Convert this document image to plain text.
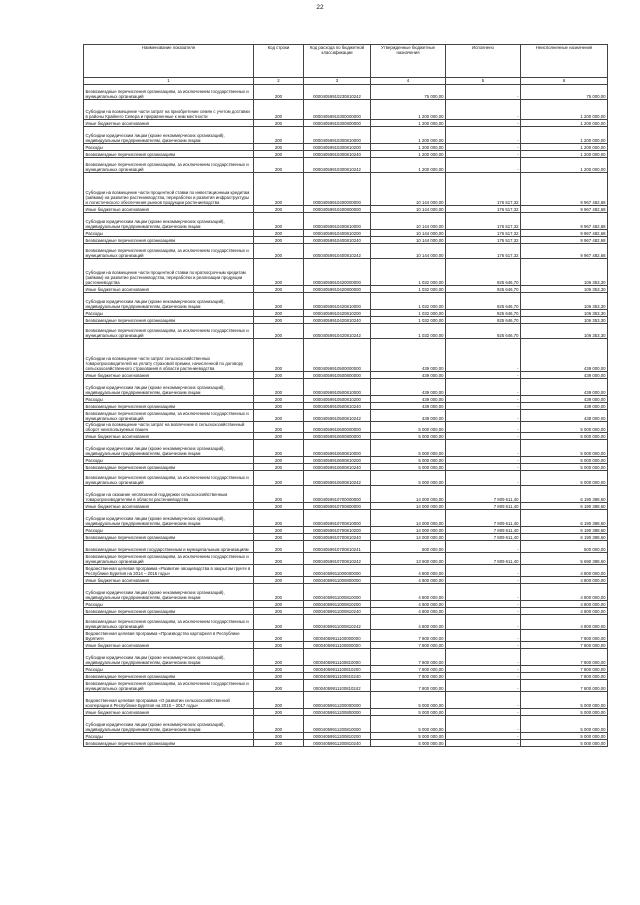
22
Наименование показателя	Код строки	Код расхода по бюджетной классификации	Утвержденные бюджетные назначения	Исполнено	Неисполненные назначения
1	2	3	4	5	6
Безвозмездные перечисления организациям, за исключением государственных и муниципальных организаций	200	00004059910230810242	75 000,00	-	75 000,00
Субсидии на возмещение части затрат на приобретение семян с учетом доставки в районы Крайнего Севера и приравненные к ним местности	200	00004059910300000000	1 200 000,00	-	1 200 000,00
Иные бюджетные ассигнования	200	00004059910300800000	1 200 000,00	-	1 200 000,00
Субсидии юридическим лицам (кроме некоммерческих организаций), индивидуальным предпринимателям, физическим лицам	200	00004059910300810000	1 200 000,00	-	1 200 000,00
Расходы	200	00004059910300810200	1 200 000,00	-	1 200 000,00
Безвозмездные перечисления организациям	200	00004059910300810240	1 200 000,00	-	1 200 000,00
Безвозмездные перечисления организациям, за исключением государственных и муниципальных организаций	200	00004059910300810242	1 200 000,00	-	1 200 000,00
Субсидии на возмещение части процентной ставки по инвестиционным кредитам (займам) на развитие растениеводства, переработки и развития инфраструктуры и логистического обеспечения рынков продукции растениеводства	200	00004059910400000000	10 144 000,00	176 517,32	9 967 482,68
Иные бюджетные ассигнования	200	00004059910400800000	10 144 000,00	176 517,32	9 967 482,68
Субсидии юридическим лицам (кроме некоммерческих организаций), индивидуальным предпринимателям, физическим лицам	200	00004059910400810000	10 144 000,00	176 517,32	9 967 482,68
Расходы	200	00004059910400810200	10 144 000,00	176 517,32	9 967 482,68
Безвозмездные перечисления организациям	200	00004059910400810240	10 144 000,00	176 517,32	9 967 482,68
Безвозмездные перечисления организациям, за исключением государственных и муниципальных организаций	200	00004059910400810242	10 144 000,00	176 517,32	9 967 482,68
Субсидии на возмещение части процентной ставки по краткосрочным кредитам (займам) на развитие растениеводства, переработки и реализации продукции растениеводства	200	00004059910420000000	1 032 000,00	925 646,70	106 353,30
Иные бюджетные ассигнования	200	00004059910420800000	1 032 000,00	925 646,70	106 353,30
Субсидии юридическим лицам (кроме некоммерческих организаций), индивидуальным предпринимателям, физическим лицам	200	00004059910420810000	1 032 000,00	925 646,70	106 353,30
Расходы	200	00004059910420810200	1 032 000,00	925 646,70	106 353,30
Безвозмездные перечисления организациям	200	00004059910420810240	1 032 000,00	925 646,70	106 353,30
Безвозмездные перечисления организациям, за исключением государственных и муниципальных организаций	200	00004059910420810242	1 032 000,00	925 646,70	106 353,30
Субсидии на возмещение части затрат сельскохозяйственных товаропроизводителей на уплату страховой премии, начисленной по договору сельскохозяйственного страхования в области растениеводства	200	00004059910500000000	439 000,00	-	439 000,00
Иные бюджетные ассигнования	200	00004059910500800000	439 000,00	-	439 000,00
Субсидии юридическим лицам (кроме некоммерческих организаций), индивидуальным предпринимателям, физическим лицам	200	00004059910500810000	439 000,00	-	439 000,00
Расходы	200	00004059910500810200	439 000,00	-	439 000,00
Безвозмездные перечисления организациям	200	00004059910500810240	439 000,00	-	439 000,00
Безвозмездные перечисления организациям, за исключением государственных и муниципальных организаций	200	00004059910500810242	439 000,00	-	439 000,00
Субсидии на возмещение части затрат на вовлечение в сельскохозяйственный оборот неиспользуемых пашен	200	00004059910600000000	5 000 000,00	-	5 000 000,00
Иные бюджетные ассигнования	200	00004059910600800000	5 000 000,00	-	5 000 000,00
Субсидии юридическим лицам (кроме некоммерческих организаций), индивидуальным предпринимателям, физическим лицам	200	00004059910600810000	5 000 000,00	-	5 000 000,00
Расходы	200	00004059910600810200	5 000 000,00	-	5 000 000,00
Безвозмездные перечисления организациям	200	00004059910600810240	5 000 000,00	-	5 000 000,00
Безвозмездные перечисления организациям, за исключением государственных и муниципальных организаций	200	00004059910600810242	5 000 000,00	-	5 000 000,00
Субсидии на оказание несвязанной поддержки сельскохозяйственным товаропроизводителям в области растениеводства	200	00004059910700000000	14 000 000,00	7 809 611,40	6 190 388,60
Иные бюджетные ассигнования	200	00004059910700800000	14 000 000,00	7 809 611,40	6 190 388,60
Субсидии юридическим лицам (кроме некоммерческих организаций), индивидуальным предпринимателям, физическим лицам	200	00004059910700810000	14 000 000,00	7 809 611,40	6 190 388,60
Расходы	200	00004059910700810200	14 000 000,00	7 809 611,40	6 190 388,60
Безвозмездные перечисления организациям	200	00004059910700810240	14 000 000,00	7 809 611,40	6 190 388,60
Безвозмездные перечисления государственным и муниципальным организациям	200	00004059910700810241	500 000,00	-	500 000,00
Безвозмездные перечисления организациям, за исключением государственных и муниципальных организаций	200	00004059910700810242	13 500 000,00	7 809 611,40	5 690 388,60
Ведомственная целевая программа «Развитие овощеводства в закрытом грунте в Республике Бурятия на 2014 – 2016 годы»	200	00004059911000000000	4 800 000,00	-	4 800 000,00
Иные бюджетные ассигнования	200	00004059911000800000	4 800 000,00	-	4 800 000,00
Субсидии юридическим лицам (кроме некоммерческих организаций), индивидуальным предпринимателям, физическим лицам	200	00004059911000810000	4 800 000,00	-	4 800 000,00
Расходы	200	00004059911000810200	4 800 000,00	-	4 800 000,00
Безвозмездные перечисления организациям	200	00004059911000810240	4 800 000,00	-	4 800 000,00
Безвозмездные перечисления организациям, за исключением государственных и муниципальных организаций	200	00004059911000810242	4 800 000,00	-	4 800 000,00
Ведомственная целевая программа «Производство картофеля в Республике Бурятия»	200	00004059911100000000	7 800 000,00	-	7 800 000,00
Иные бюджетные ассигнования	200	00004059911100800000	7 800 000,00	-	7 800 000,00
Субсидии юридическим лицам (кроме некоммерческих организаций), индивидуальным предпринимателям, физическим лицам	200	00004059911100810000	7 800 000,00	-	7 800 000,00
Расходы	200	00004059911100810200	7 800 000,00	-	7 800 000,00
Безвозмездные перечисления организациям	200	00004059911100810240	7 800 000,00	-	7 800 000,00
Безвозмездные перечисления организациям, за исключением государственных и муниципальных организаций	200	00004059911100810242	7 800 000,00	-	7 800 000,00
Ведомственная целевая программа «О развитии сельскохозяйственной кооперации в Республике Бурятия на 2015 – 2017 годы»	200	00004059911200000000	5 000 000,00	-	5 000 000,00
Иные бюджетные ассигнования	200	00004059911200800000	5 000 000,00	-	5 000 000,00
Субсидии юридическим лицам (кроме некоммерческих организаций), индивидуальным предпринимателям, физическим лицам	200	00004059911200810000	5 000 000,00	-	5 000 000,00
Расходы	200	00004059911200810200	5 000 000,00	-	5 000 000,00
Безвозмездные перечисления организациям	200	00004059911200810240	5 000 000,00	-	5 000 000,00
